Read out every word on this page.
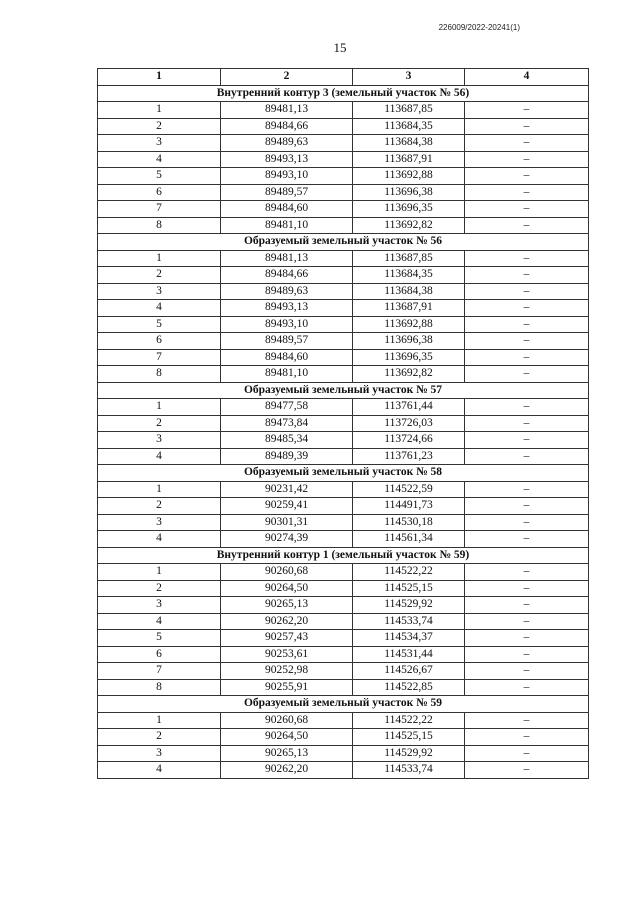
226009/2022-20241(1)
15
1	2	3	4
Внутренний контур 3 (земельный участок № 56)			
1	89481,13	113687,85	–
2	89484,66	113684,35	–
3	89489,63	113684,38	–
4	89493,13	113687,91	–
5	89493,10	113692,88	–
6	89489,57	113696,38	–
7	89484,60	113696,35	–
8	89481,10	113692,82	–
Образуемый земельный участок № 56			
1	89481,13	113687,85	–
2	89484,66	113684,35	–
3	89489,63	113684,38	–
4	89493,13	113687,91	–
5	89493,10	113692,88	–
6	89489,57	113696,38	–
7	89484,60	113696,35	–
8	89481,10	113692,82	–
Образуемый земельный участок № 57			
1	89477,58	113761,44	–
2	89473,84	113726,03	–
3	89485,34	113724,66	–
4	89489,39	113761,23	–
Образуемый земельный участок № 58			
1	90231,42	114522,59	–
2	90259,41	114491,73	–
3	90301,31	114530,18	–
4	90274,39	114561,34	–
Внутренний контур 1 (земельный участок № 59)			
1	90260,68	114522,22	–
2	90264,50	114525,15	–
3	90265,13	114529,92	–
4	90262,20	114533,74	–
5	90257,43	114534,37	–
6	90253,61	114531,44	–
7	90252,98	114526,67	–
8	90255,91	114522,85	–
Образуемый земельный участок № 59			
1	90260,68	114522,22	–
2	90264,50	114525,15	–
3	90265,13	114529,92	–
4	90262,20	114533,74	–
